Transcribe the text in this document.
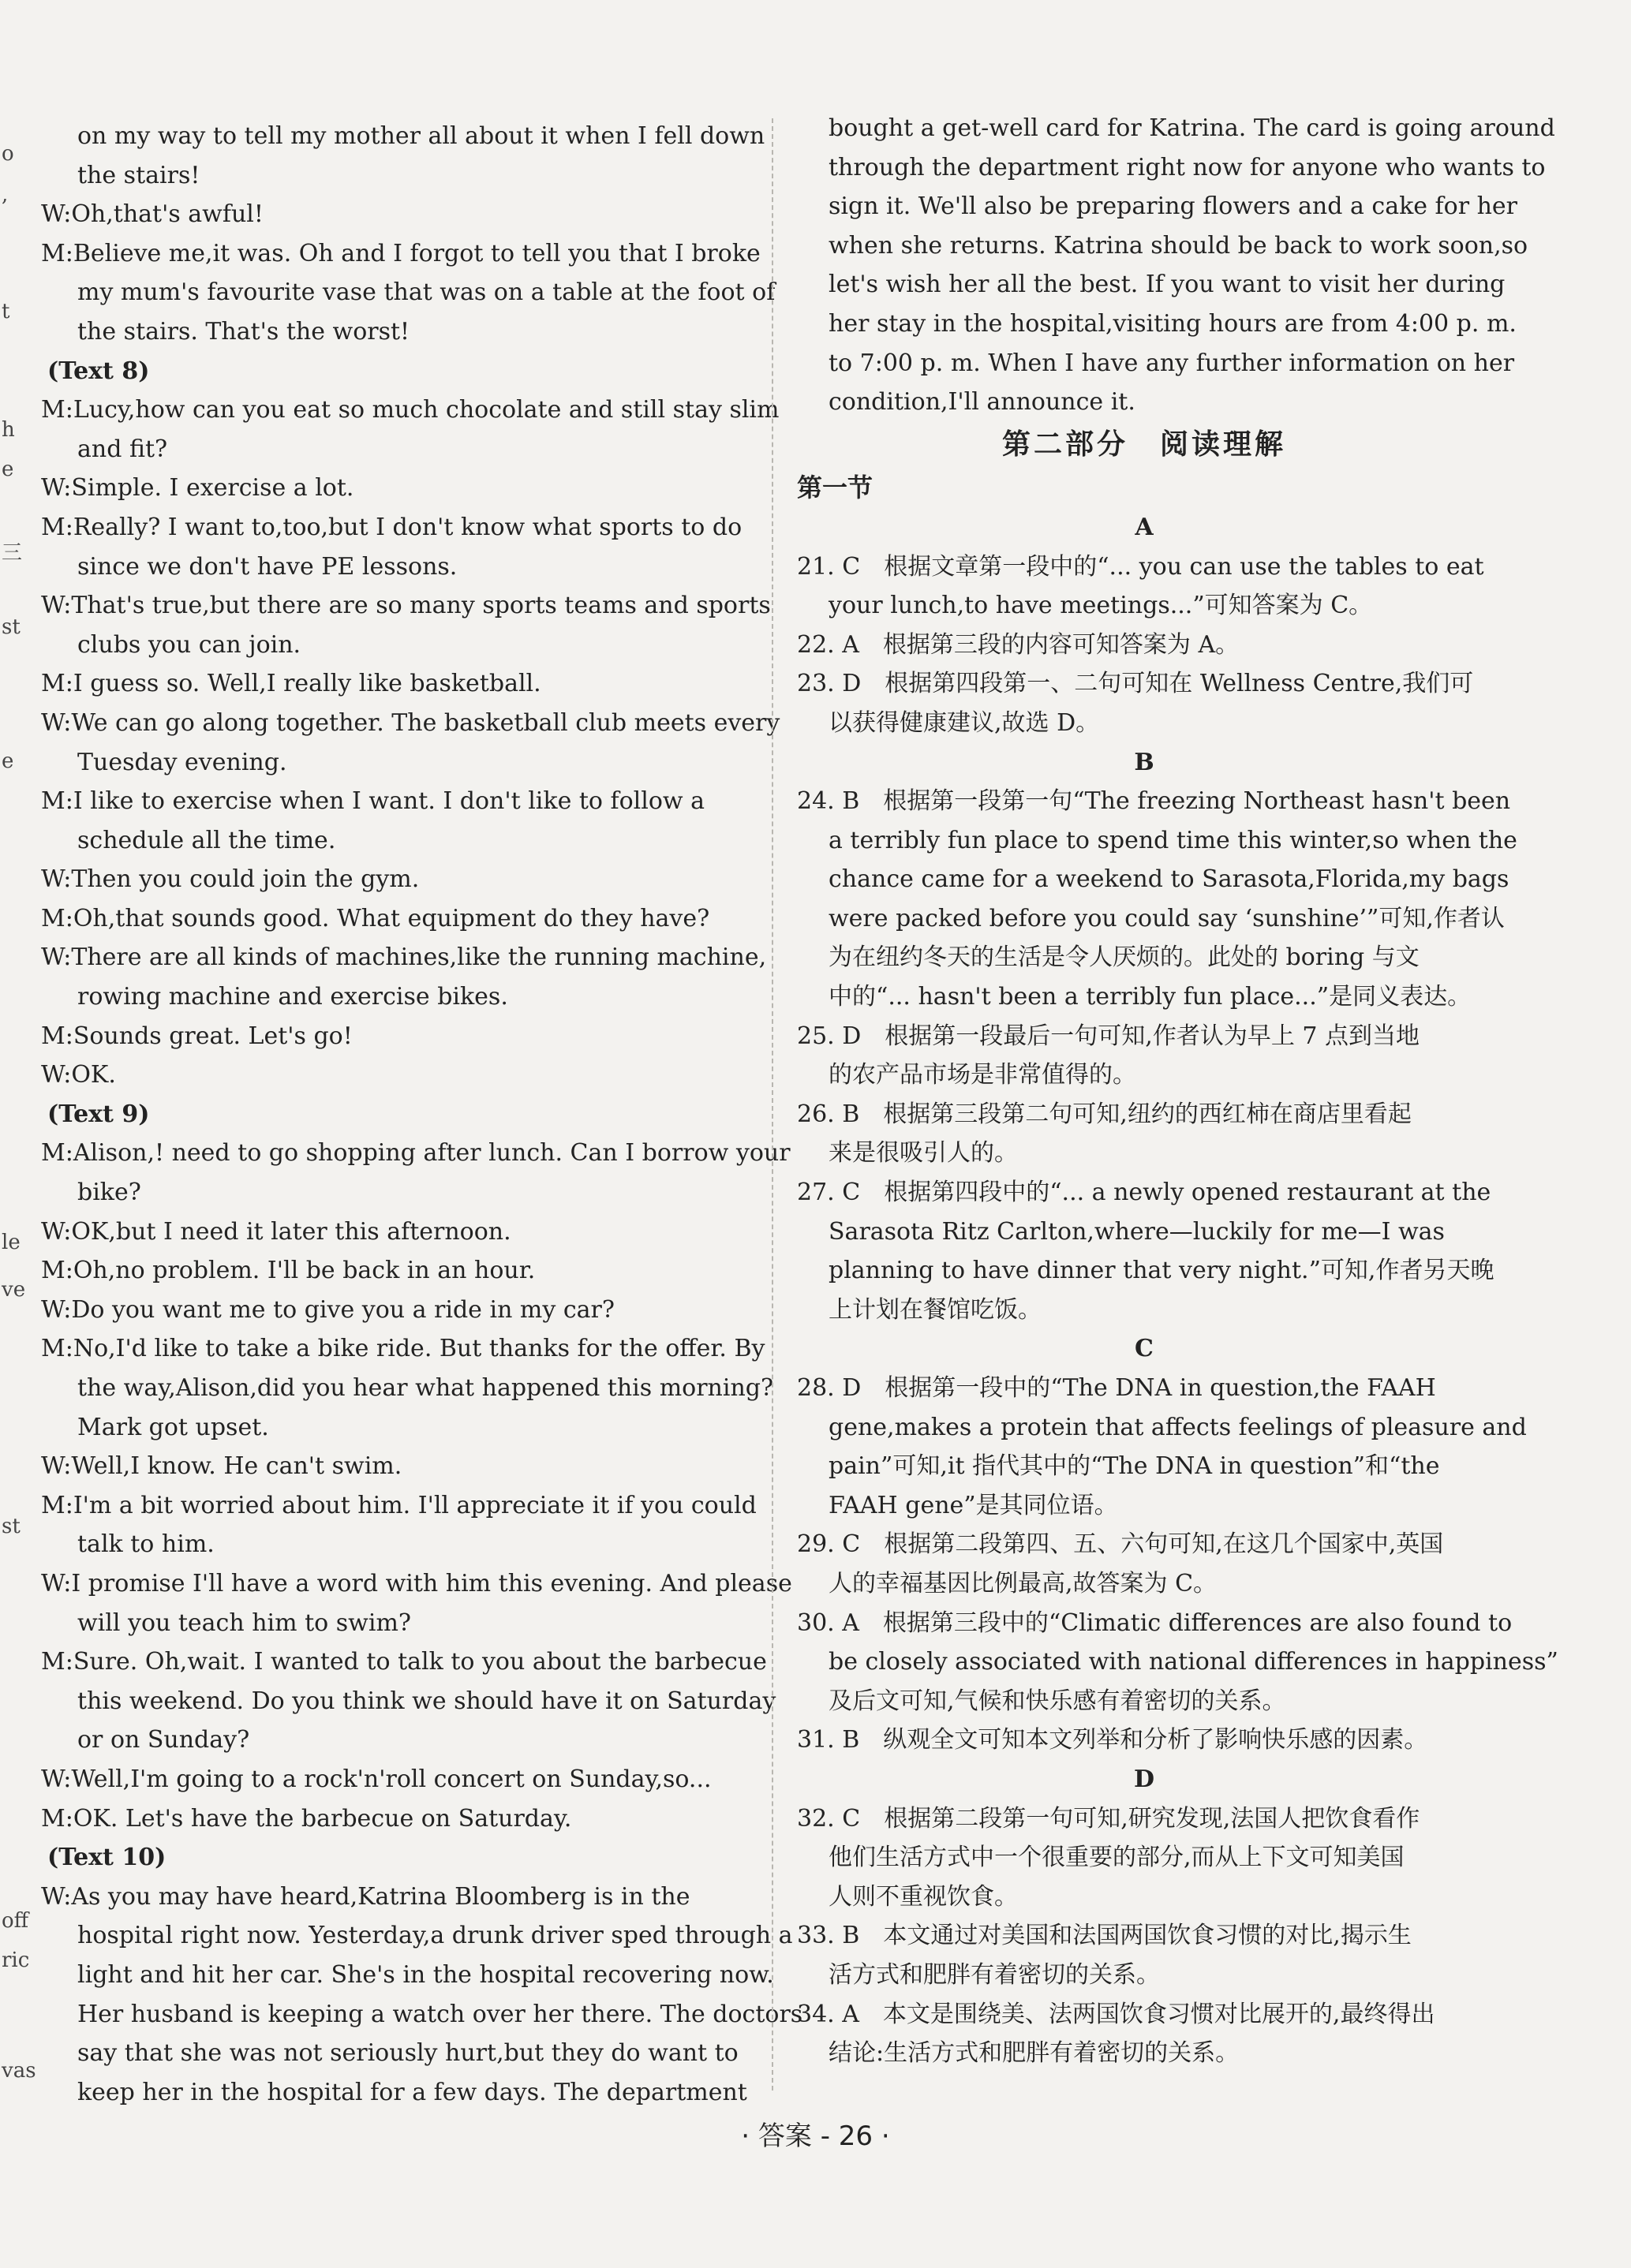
o
,
t
h
e
三
st
e
le
ve
st
off
ric
vas
on my way to tell my mother all about it when I fell down
the stairs!
W:Oh,that's awful!
M:Believe me,it was. Oh and I forgot to tell you that I broke
my mum's favourite vase that was on a table at the foot of
the stairs. That's the worst!
(Text 8)
M:Lucy,how can you eat so much chocolate and still stay slim
and fit?
W:Simple. I exercise a lot.
M:Really? I want to,too,but I don't know what sports to do
since we don't have PE lessons.
W:That's true,but there are so many sports teams and sports
clubs you can join.
M:I guess so. Well,I really like basketball.
W:We can go along together. The basketball club meets every
Tuesday evening.
M:I like to exercise when I want. I don't like to follow a
schedule all the time.
W:Then you could join the gym.
M:Oh,that sounds good. What equipment do they have?
W:There are all kinds of machines,like the running machine,
rowing machine and exercise bikes.
M:Sounds great. Let's go!
W:OK.
(Text 9)
M:Alison,! need to go shopping after lunch. Can I borrow your
bike?
W:OK,but I need it later this afternoon.
M:Oh,no problem. I'll be back in an hour.
W:Do you want me to give you a ride in my car?
M:No,I'd like to take a bike ride. But thanks for the offer. By
the way,Alison,did you hear what happened this morning?
Mark got upset.
W:Well,I know. He can't swim.
M:I'm a bit worried about him. I'll appreciate it if you could
talk to him.
W:I promise I'll have a word with him this evening. And please
will you teach him to swim?
M:Sure. Oh,wait. I wanted to talk to you about the barbecue
this weekend. Do you think we should have it on Saturday
or on Sunday?
W:Well,I'm going to a rock'n'roll concert on Sunday,so...
M:OK. Let's have the barbecue on Saturday.
(Text 10)
W:As you may have heard,Katrina Bloomberg is in the
hospital right now. Yesterday,a drunk driver sped through a
light and hit her car. She's in the hospital recovering now.
Her husband is keeping a watch over her there. The doctors
say that she was not seriously hurt,but they do want to
keep her in the hospital for a few days. The department
bought a get-well card for Katrina. The card is going around
through the department right now for anyone who wants to
sign it. We'll also be preparing flowers and a cake for her
when she returns. Katrina should be back to work soon,so
let's wish her all the best. If you want to visit her during
her stay in the hospital,visiting hours are from 4:00 p. m.
to 7:00 p. m. When I have any further information on her
condition,I'll announce it.
第二部分　阅读理解
第一节
A
21. C　根据文章第一段中的“... you can use the tables to eat
your lunch,to have meetings...”可知答案为 C。
22. A　根据第三段的内容可知答案为 A。
23. D　根据第四段第一、二句可知在 Wellness Centre,我们可
以获得健康建议,故选 D。
B
24. B　根据第一段第一句“The freezing Northeast hasn't been
a terribly fun place to spend time this winter,so when the
chance came for a weekend to Sarasota,Florida,my bags
were packed before you could say ‘sunshine’”可知,作者认
为在纽约冬天的生活是令人厌烦的。此处的 boring 与文
中的“... hasn't been a terribly fun place...”是同义表达。
25. D　根据第一段最后一句可知,作者认为早上 7 点到当地
的农产品市场是非常值得的。
26. B　根据第三段第二句可知,纽约的西红柿在商店里看起
来是很吸引人的。
27. C　根据第四段中的“... a newly opened restaurant at the
Sarasota Ritz Carlton,where—luckily for me—I was
planning to have dinner that very night.”可知,作者另天晚
上计划在餐馆吃饭。
C
28. D　根据第一段中的“The DNA in question,the FAAH
gene,makes a protein that affects feelings of pleasure and
pain”可知,it 指代其中的“The DNA in question”和“the
FAAH gene”是其同位语。
29. C　根据第二段第四、五、六句可知,在这几个国家中,英国
人的幸福基因比例最高,故答案为 C。
30. A　根据第三段中的“Climatic differences are also found to
be closely associated with national differences in happiness”
及后文可知,气候和快乐感有着密切的关系。
31. B　纵观全文可知本文列举和分析了影响快乐感的因素。
D
32. C　根据第二段第一句可知,研究发现,法国人把饮食看作
他们生活方式中一个很重要的部分,而从上下文可知美国
人则不重视饮食。
33. B　本文通过对美国和法国两国饮食习惯的对比,揭示生
活方式和肥胖有着密切的关系。
34. A　本文是围绕美、法两国饮食习惯对比展开的,最终得出
结论:生活方式和肥胖有着密切的关系。
· 答案 - 26 ·
